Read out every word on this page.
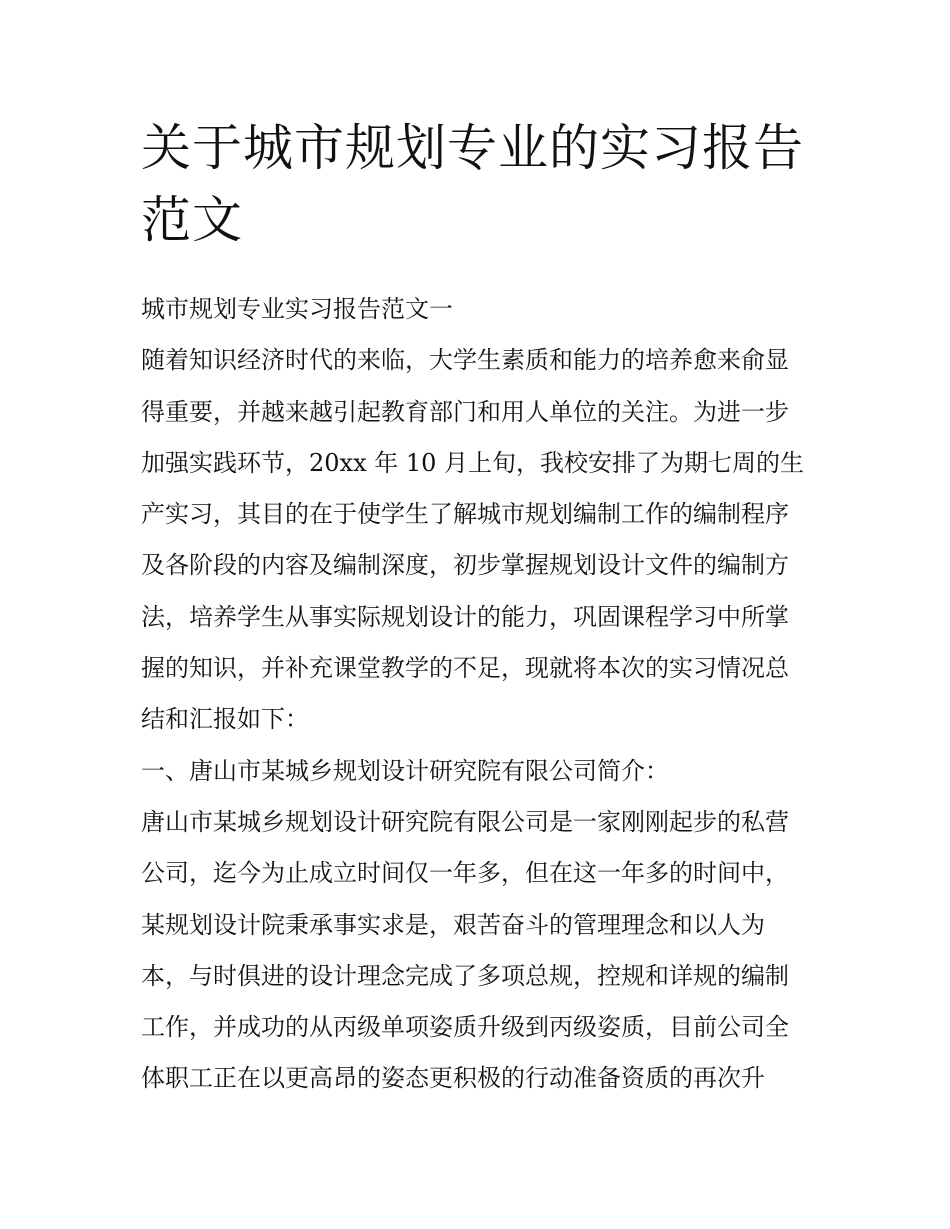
关于城市规划专业的实习报告
范文
城市规划专业实习报告范文一
随着知识经济时代的来临，大学生素质和能力的培养愈来俞显
得重要，并越来越引起教育部门和用人单位的关注。为进一步
加强实践环节，20xx 年 10 月上旬，我校安排了为期七周的生
产实习，其目的在于使学生了解城市规划编制工作的编制程序
及各阶段的内容及编制深度，初步掌握规划设计文件的编制方
法，培养学生从事实际规划设计的能力，巩固课程学习中所掌
握的知识，并补充课堂教学的不足，现就将本次的实习情况总
结和汇报如下：
一、唐山市某城乡规划设计研究院有限公司简介：
唐山市某城乡规划设计研究院有限公司是一家刚刚起步的私营
公司，迄今为止成立时间仅一年多，但在这一年多的时间中，
某规划设计院秉承事实求是，艰苦奋斗的管理理念和以人为
本，与时俱进的设计理念完成了多项总规，控规和详规的编制
工作，并成功的从丙级单项姿质升级到丙级姿质，目前公司全
体职工正在以更高昂的姿态更积极的行动准备资质的再次升
